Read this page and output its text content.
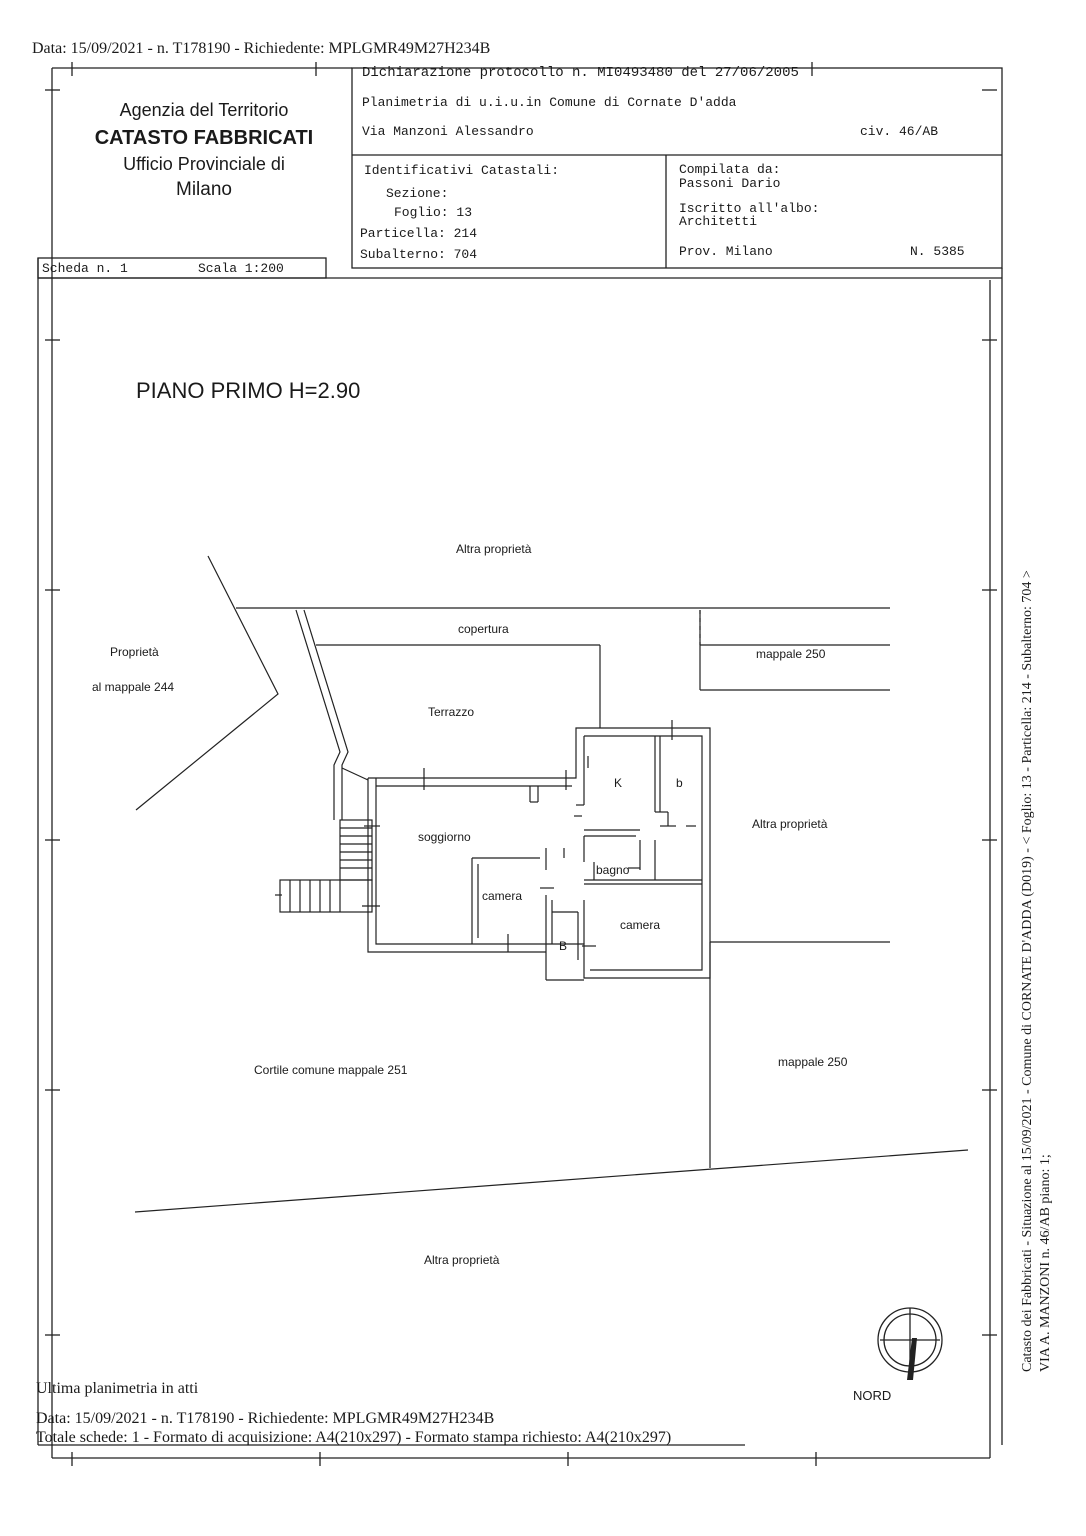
Data: 15/09/2021 - n. T178190 - Richiedente: MPLGMR49M27H234B
Agenzia del Territorio
CATASTO FABBRICATI
Ufficio Provinciale di
Milano
Dichiarazione protocollo n. MI0493480 del 27/06/2005
Planimetria di u.i.u.in Comune di Cornate D'adda
Via Manzoni Alessandro	civ. 46/AB
Identificativi Catastali:
Sezione:
Foglio: 13
Particella: 214
Subalterno: 704
Compilata da:
Passoni Dario
Iscritto all'albo:
Architetti
Prov. Milano	N. 5385
Scheda n. 1	Scala 1:200
PIANO PRIMO H=2.90
Altra proprietà
copertura
Proprietà
al mappale 244
mappale 250
Terrazzo
K	b
Altra proprietà
soggiorno
bagno
camera
camera
B
Cortile comune mappale 251
mappale 250
Altra proprietà
NORD
Catasto dei Fabbricati - Situazione al 15/09/2021 - Comune di CORNATE D'ADDA (D019) - < Foglio: 13 - Particella: 214 - Subalterno: 704 > VIA A. MANZONI n. 46/AB piano: 1;
Ultima planimetria in atti
Data: 15/09/2021 - n. T178190 - Richiedente: MPLGMR49M27H234B
Totale schede: 1 - Formato di acquisizione: A4(210x297) - Formato stampa richiesto: A4(210x297)
